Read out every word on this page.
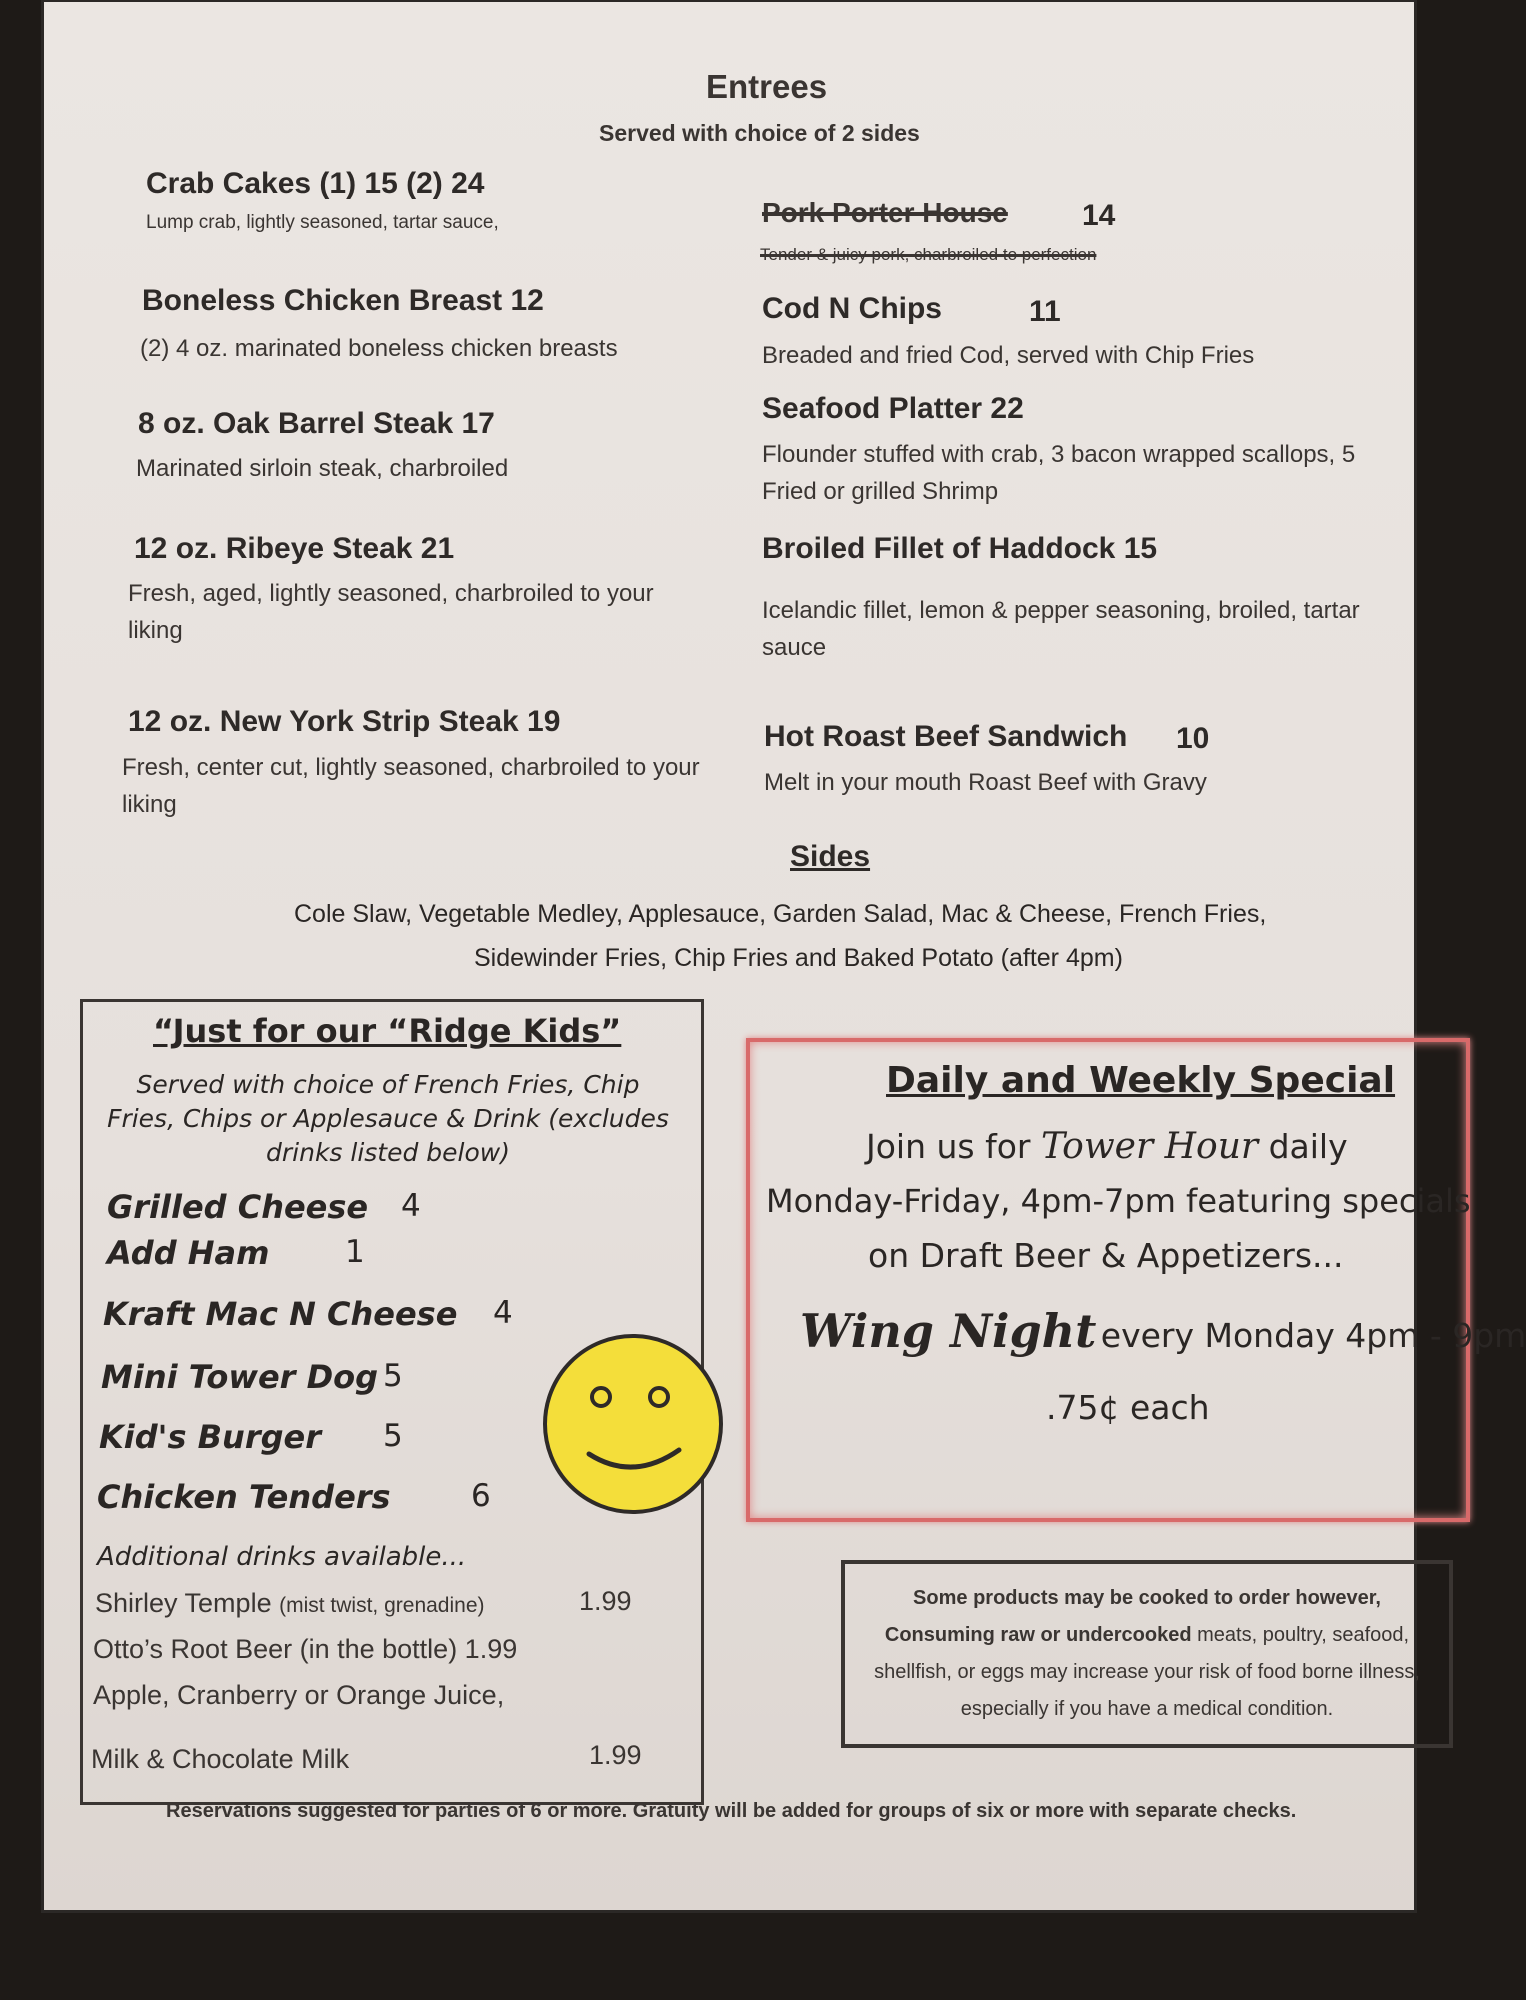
Entrees
Served with choice of 2 sides
Crab Cakes (1) 15 (2) 24
Lump crab, lightly seasoned, tartar sauce,
Boneless Chicken Breast 12
(2) 4 oz. marinated boneless chicken breasts
8 oz. Oak Barrel Steak 17
Marinated sirloin steak, charbroiled
12 oz. Ribeye Steak 21
Fresh, aged, lightly seasoned, charbroiled to your liking
12 oz. New York Strip Steak 19
Fresh, center cut, lightly seasoned, charbroiled to your liking
Pork Porter House 14
Tender & juicy pork, charbroiled to perfection
Cod N Chips	11
Breaded and fried Cod, served with Chip Fries
Seafood Platter 22
Flounder stuffed with crab, 3 bacon wrapped scallops, 5 Fried or grilled Shrimp
Broiled Fillet of Haddock 15
Icelandic fillet, lemon & pepper seasoning, broiled, tartar sauce
Hot Roast Beef Sandwich 10
Melt in your mouth Roast Beef with Gravy
Sides
Cole Slaw, Vegetable Medley, Applesauce, Garden Salad, Mac & Cheese, French Fries,
Sidewinder Fries, Chip Fries and Baked Potato (after 4pm)
“Just for our “Ridge Kids”
Served with choice of French Fries, Chip Fries, Chips or Applesauce & Drink (excludes drinks listed below)
Grilled Cheese 4
Add Ham 1
Kraft Mac N Cheese 4
Mini Tower Dog 5
Kid's Burger 5
Chicken Tenders	6
Additional drinks available...
Shirley Temple (mist twist, grenadine)	1.99
Otto’s Root Beer (in the bottle) 1.99
Apple, Cranberry or Orange Juice,
Milk & Chocolate Milk	1.99
Daily and Weekly Special
Join us for Tower Hour daily
Monday-Friday, 4pm-7pm featuring specials
on Draft Beer & Appetizers...
Wing Night every Monday 4pm - 9pm
.75¢ each
Some products may be cooked to order however, Consuming raw or undercooked meats, poultry, seafood, shellfish, or eggs may increase your risk of food borne illness, especially if you have a medical condition.
Reservations suggested for parties of 6 or more. Gratuity will be added for groups of six or more with separate checks.
